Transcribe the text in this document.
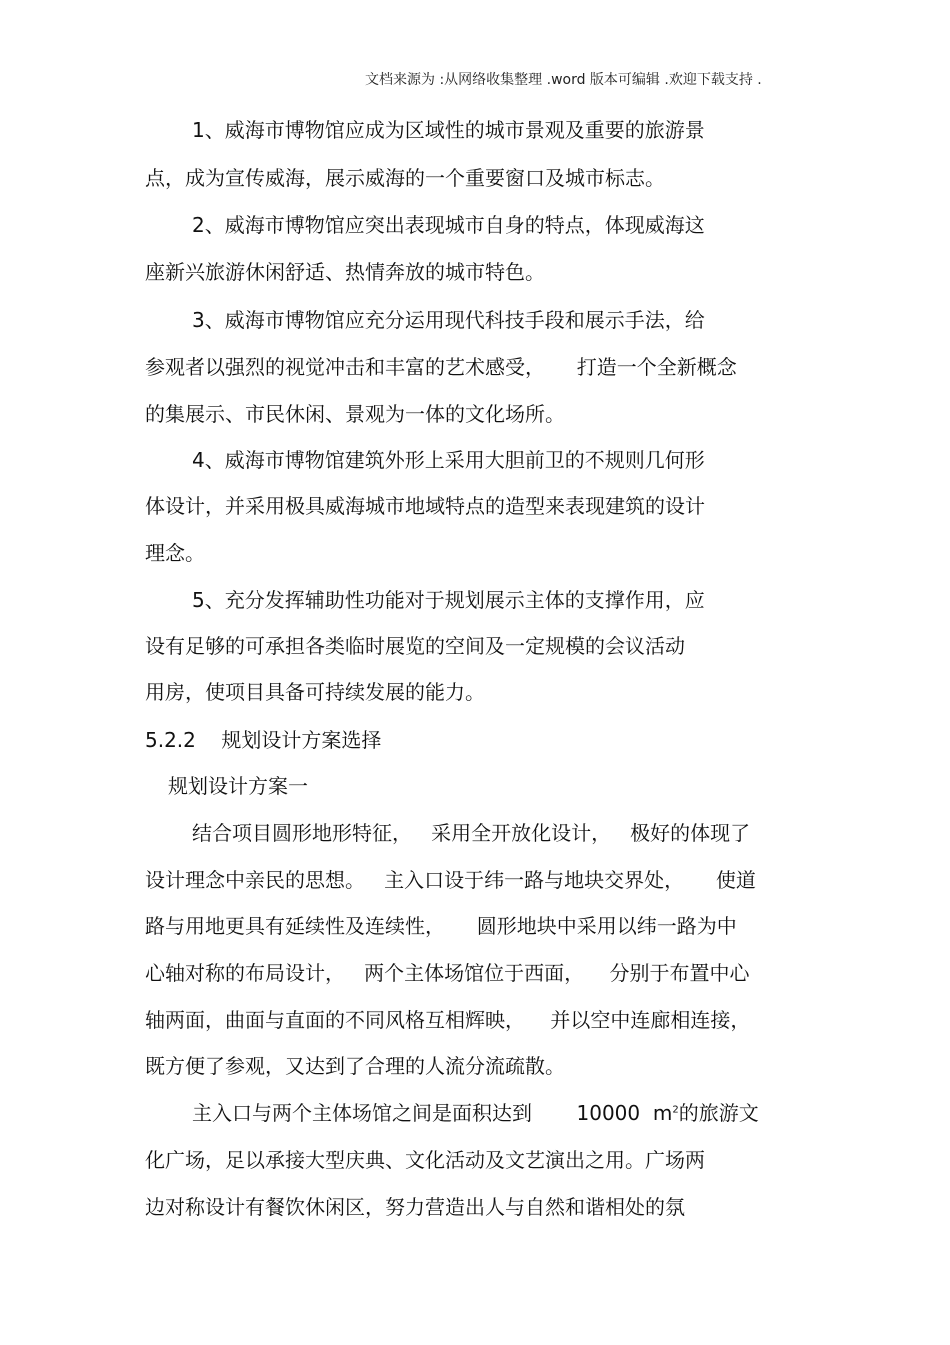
文档来源为 :从网络收集整理 .word 版本可编辑 .欢迎下载支持 .
1、威海市博物馆应成为区域性的城市景观及重要的旅游景
点，成为宣传威海，展示威海的一个重要窗口及城市标志。
2、威海市博物馆应突出表现城市自身的特点，体现威海这
座新兴旅游休闲舒适、热情奔放的城市特色。
3、威海市博物馆应充分运用现代科技手段和展示手法，给
参观者以强烈的视觉冲击和丰富的艺术感受，     打造一个全新概念
的集展示、市民休闲、景观为一体的文化场所。
4、威海市博物馆建筑外形上采用大胆前卫的不规则几何形
体设计，并采用极具威海城市地域特点的造型来表现建筑的设计
理念。
5、充分发挥辅助性功能对于规划展示主体的支撑作用，应
设有足够的可承担各类临时展览的空间及一定规模的会议活动
用房，使项目具备可持续发展的能力。
5.2.2    规划设计方案选择
规划设计方案一
结合项目圆形地形特征，   采用全开放化设计，   极好的体现了
设计理念中亲民的思想。   主入口设于纬一路与地块交界处，     使道
路与用地更具有延续性及连续性，     圆形地块中采用以纬一路为中
心轴对称的布局设计，   两个主体场馆位于西面，    分别于布置中心
轴两面，曲面与直面的不同风格互相辉映，    并以空中连廊相连接，
既方便了参观，又达到了合理的人流分流疏散。
主入口与两个主体场馆之间是面积达到       10000  $m^2$的旅游文
化广场，足以承接大型庆典、文化活动及文艺演出之用。广场两
边对称设计有餐饮休闲区，努力营造出人与自然和谐相处的氛
